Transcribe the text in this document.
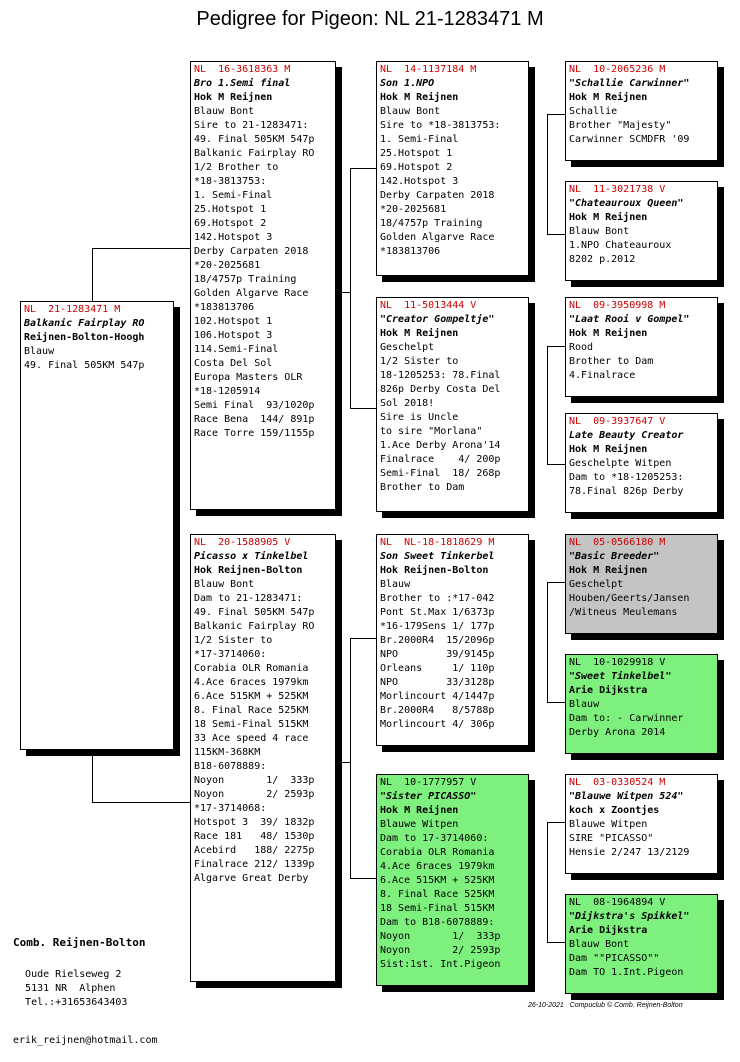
Pedigree for Pigeon: NL 21-1283471 M
NL  21-1283471 M
Balkanic Fairplay RO
Reijnen-Bolton-Hoogh
Blauw
49. Final 505KM 547p
NL  16-3618363 M
Bro 1.Semi final
Hok M Reijnen
Blauw Bont
Sire to 21-1283471:
49. Final 505KM 547p
Balkanic Fairplay RO
1/2 Brother to
*18-3813753:
1. Semi-Final
25.Hotspot 1
69.Hotspot 2
142.Hotspot 3
Derby Carpaten 2018
*20-2025681
18/4757p Training
Golden Algarve Race
*183813706
102.Hotspot 1
106.Hotspot 3
114.Semi-Final
Costa Del Sol
Europa Masters OLR
*18-1205914
Semi Final  93/1020p
Race Bena  144/ 891p
Race Torre 159/1155p
NL  20-1588905 V
Picasso x Tinkelbel
Hok Reijnen-Bolton
Blauw Bont
Dam to 21-1283471:
49. Final 505KM 547p
Balkanic Fairplay RO
1/2 Sister to
*17-3714060:
Corabia OLR Romania
4.Ace 6races 1979km
6.Ace 515KM + 525KM
8. Final Race 525KM
18 Semi-Final 515KM
33 Ace speed 4 race
115KM-368KM
B18-6078889:
Noyon       1/  333p
Noyon       2/ 2593p
*17-3714068:
Hotspot 3  39/ 1832p
Race 181   48/ 1530p
Acebird   188/ 2275p
Finalrace 212/ 1339p
Algarve Great Derby
NL  14-1137184 M
Son 1.NPO
Hok M Reijnen
Blauw Bont
Sire to *18-3813753:
1. Semi-Final
25.Hotspot 1
69.Hotspot 2
142.Hotspot 3
Derby Carpaten 2018
*20-2025681
18/4757p Training
Golden Algarve Race
*183813706
NL  11-5013444 V
"Creator Gompeltje"
Hok M Reijnen
Geschelpt
1/2 Sister to
18-1205253: 78.Final
826p Derby Costa Del
Sol 2018!
Sire is Uncle
to sire "Morlana"
1.Ace Derby Arona'14
Finalrace    4/ 200p
Semi-Final  18/ 268p
Brother to Dam
NL  NL-18-1818629 M
Son Sweet Tinkerbel
Hok Reijnen-Bolton
Blauw
Brother to :*17-042
Pont St.Max 1/6373p
*16-179Sens 1/ 177p
Br.2000R4  15/2096p
NPO        39/9145p
Orleans     1/ 110p
NPO        33/3128p
Morlincourt 4/1447p
Br.2000R4   8/5788p
Morlincourt 4/ 306p
NL  10-1777957 V
"Sister PICASSO"
Hok M Reijnen
Blauwe Witpen
Dam to 17-3714060:
Corabia OLR Romania
4.Ace 6races 1979km
6.Ace 515KM + 525KM
8. Final Race 525KM
18 Semi-Final 515KM
Dam to B18-6078889:
Noyon       1/  333p
Noyon       2/ 2593p
Sist:1st. Int.Pigeon
NL  10-2065236 M
"Schallie Carwinner"
Hok M Reijnen
Schallie
Brother "Majesty"
Carwinner SCMDFR '09
NL  11-3021738 V
"Chateauroux Queen"
Hok M Reijnen
Blauw Bont
1.NPO Chateauroux
8202 p.2012
NL  09-3950998 M
"Laat Rooi v Gompel"
Hok M Reijnen
Rood
Brother to Dam
4.Finalrace
NL  09-3937647 V
Late Beauty Creator
Hok M Reijnen
Geschelpte Witpen
Dam to *18-1205253:
78.Final 826p Derby
NL  05-0566180 M
"Basic Breeder"
Hok M Reijnen
Geschelpt
Houben/Geerts/Jansen
/Witneus Meulemans
NL  10-1029918 V
"Sweet Tinkelbel"
Arie Dijkstra
Blauw
Dam to: - Carwinner
Derby Arona 2014
NL  03-0330524 M
"Blauwe Witpen 524"
koch x Zoontjes
Blauwe Witpen
SIRE "PICASSO"
Hensie 2/247 13/2129
NL  08-1964894 V
"Dijkstra's Spikkel"
Arie Dijkstra
Blauw Bont
Dam ""PICASSO""
Dam TO 1.Int.Pigeon

Comb. Reijnen-Bolton

Oude Rielseweg 2
5131 NR  Alphen
Tel.:+31653643403

erik_reijnen@hotmail.com

26-10-2021 Compuclub © Comb. Reijnen-Bolton
